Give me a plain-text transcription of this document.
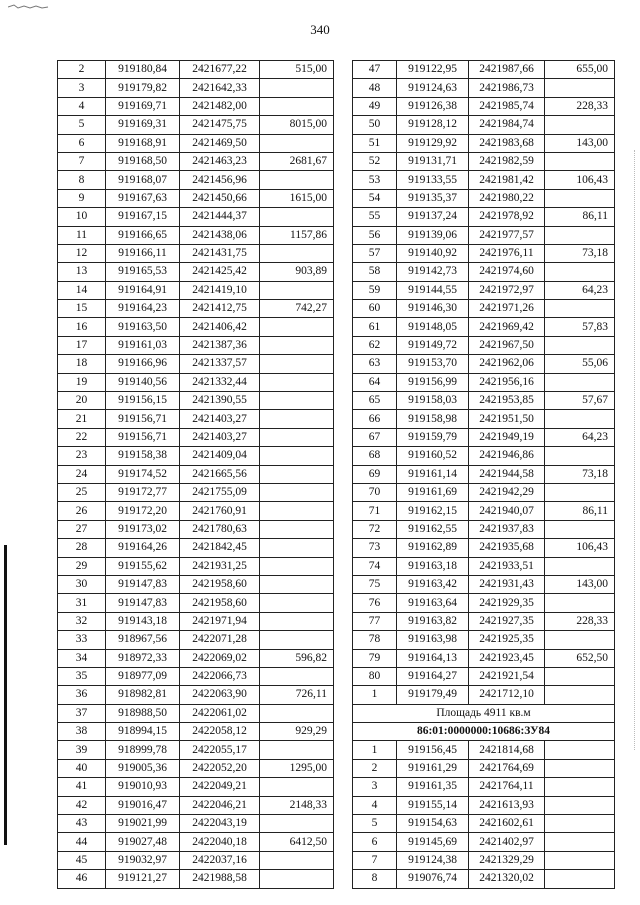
340
2	919180,84	2421677,22	515,00
3	919179,82	2421642,33	
4	919169,71	2421482,00	
5	919169,31	2421475,75	8015,00
6	919168,91	2421469,50	
7	919168,50	2421463,23	2681,67
8	919168,07	2421456,96	
9	919167,63	2421450,66	1615,00
10	919167,15	2421444,37	
11	919166,65	2421438,06	1157,86
12	919166,11	2421431,75	
13	919165,53	2421425,42	903,89
14	919164,91	2421419,10	
15	919164,23	2421412,75	742,27
16	919163,50	2421406,42	
17	919161,03	2421387,36	
18	919166,96	2421337,57	
19	919140,56	2421332,44	
20	919156,15	2421390,55	
21	919156,71	2421403,27	
22	919156,71	2421403,27	
23	919158,38	2421409,04	
24	919174,52	2421665,56	
25	919172,77	2421755,09	
26	919172,20	2421760,91	
27	919173,02	2421780,63	
28	919164,26	2421842,45	
29	919155,62	2421931,25	
30	919147,83	2421958,60	
31	919147,83	2421958,60	
32	919143,18	2421971,94	
33	918967,56	2422071,28	
34	918972,33	2422069,02	596,82
35	918977,09	2422066,73	
36	918982,81	2422063,90	726,11
37	918988,50	2422061,02	
38	918994,15	2422058,12	929,29
39	918999,78	2422055,17	
40	919005,36	2422052,20	1295,00
41	919010,93	2422049,21	
42	919016,47	2422046,21	2148,33
43	919021,99	2422043,19	
44	919027,48	2422040,18	6412,50
45	919032,97	2422037,16	
46	919121,27	2421988,58	
47	919122,95	2421987,66	655,00
48	919124,63	2421986,73	
49	919126,38	2421985,74	228,33
50	919128,12	2421984,74	
51	919129,92	2421983,68	143,00
52	919131,71	2421982,59	
53	919133,55	2421981,42	106,43
54	919135,37	2421980,22	
55	919137,24	2421978,92	86,11
56	919139,06	2421977,57	
57	919140,92	2421976,11	73,18
58	919142,73	2421974,60	
59	919144,55	2421972,97	64,23
60	919146,30	2421971,26	
61	919148,05	2421969,42	57,83
62	919149,72	2421967,50	
63	919153,70	2421962,06	55,06
64	919156,99	2421956,16	
65	919158,03	2421953,85	57,67
66	919158,98	2421951,50	
67	919159,79	2421949,19	64,23
68	919160,52	2421946,86	
69	919161,14	2421944,58	73,18
70	919161,69	2421942,29	
71	919162,15	2421940,07	86,11
72	919162,55	2421937,83	
73	919162,89	2421935,68	106,43
74	919163,18	2421933,51	
75	919163,42	2421931,43	143,00
76	919163,64	2421929,35	
77	919163,82	2421927,35	228,33
78	919163,98	2421925,35	
79	919164,13	2421923,45	652,50
80	919164,27	2421921,54	
1	919179,49	2421712,10	
Площадь 4911 кв.м			
86:01:0000000:10686:ЗУ84			
1	919156,45	2421814,68	
2	919161,29	2421764,69	
3	919161,35	2421764,11	
4	919155,14	2421613,93	
5	919154,63	2421602,61	
6	919145,69	2421402,97	
7	919124,38	2421329,29	
8	919076,74	2421320,02	
